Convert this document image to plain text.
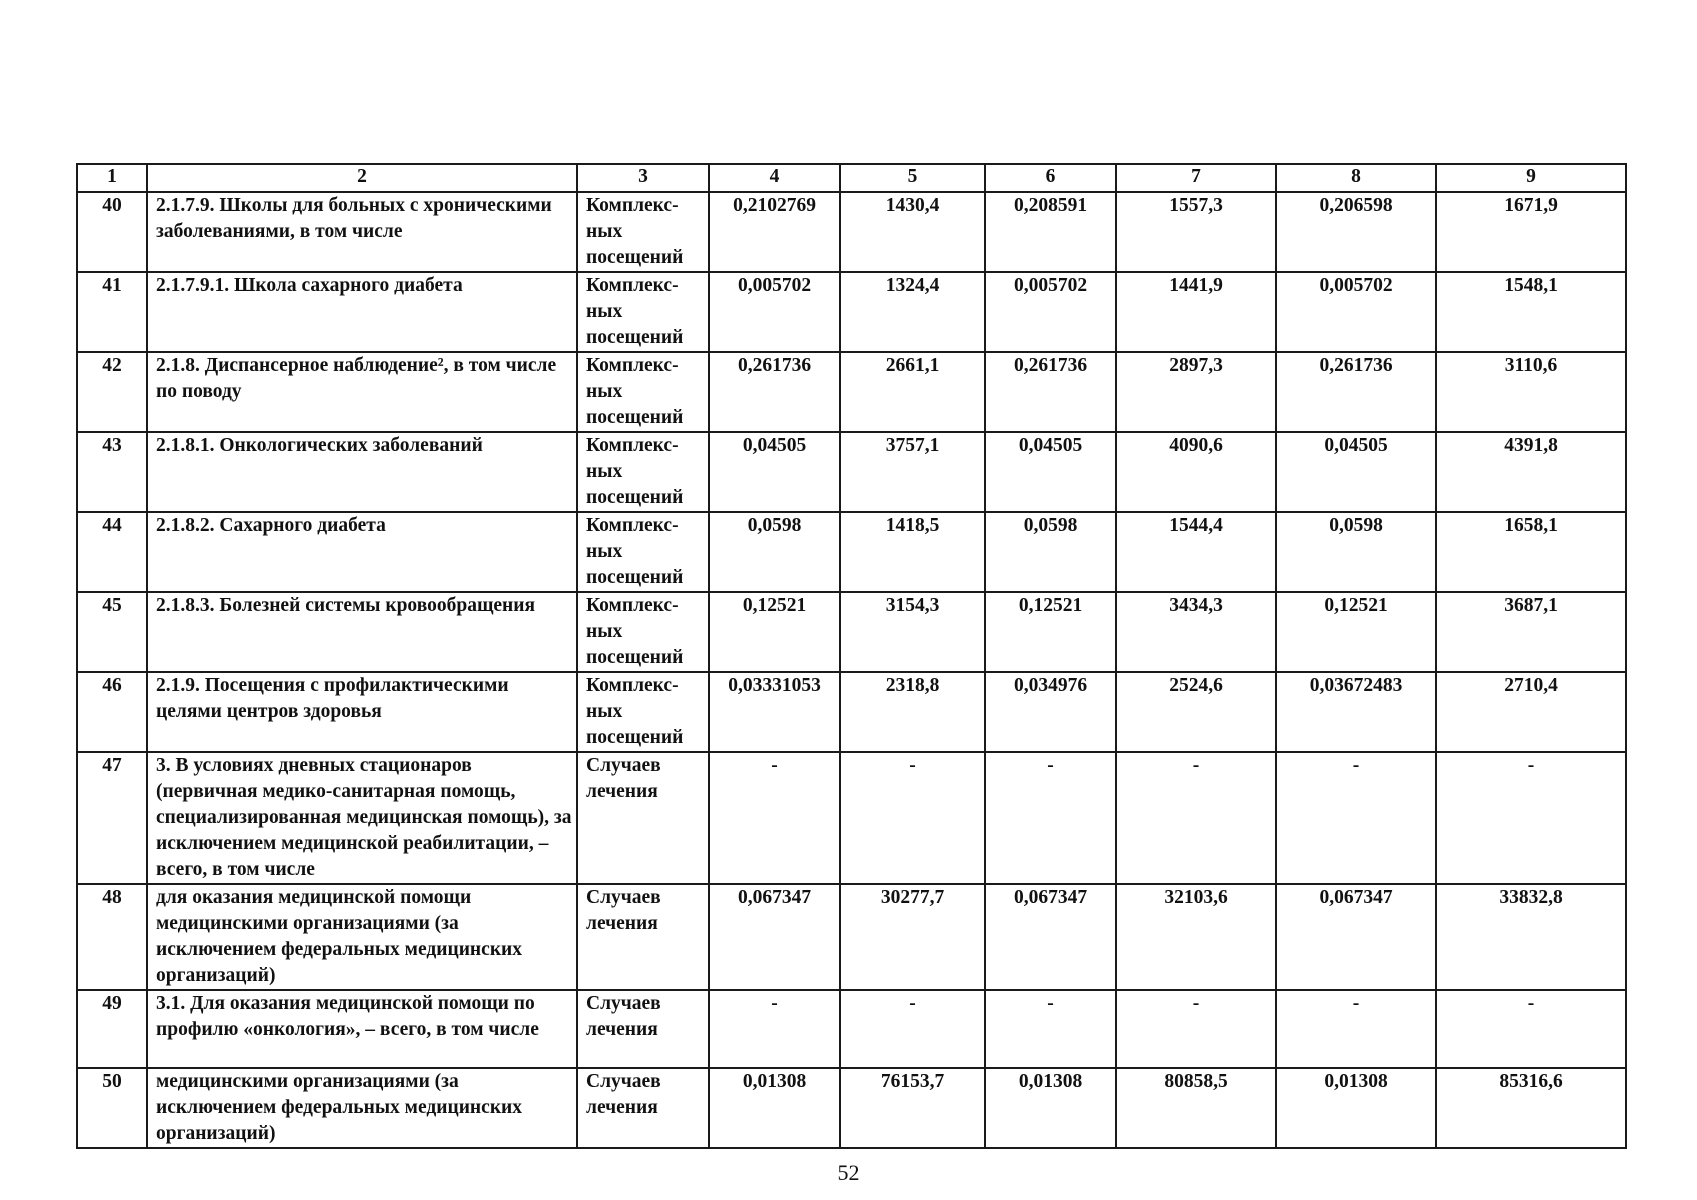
1	2	3	4	5	6	7	8	9
40	2.1.7.9. Школы для больных с хроническими заболеваниями, в том числе	Комплекс-ных посещений	0,2102769	1430,4	0,208591	1557,3	0,206598	1671,9
41	2.1.7.9.1. Школа сахарного диабета	Комплекс-ных посещений	0,005702	1324,4	0,005702	1441,9	0,005702	1548,1
42	2.1.8. Диспансерное наблюдение², в том числе по поводу	Комплекс-ных посещений	0,261736	2661,1	0,261736	2897,3	0,261736	3110,6
43	2.1.8.1. Онкологических заболеваний	Комплекс-ных посещений	0,04505	3757,1	0,04505	4090,6	0,04505	4391,8
44	2.1.8.2. Сахарного диабета	Комплекс-ных посещений	0,0598	1418,5	0,0598	1544,4	0,0598	1658,1
45	2.1.8.3. Болезней системы кровообращения	Комплекс-ных посещений	0,12521	3154,3	0,12521	3434,3	0,12521	3687,1
46	2.1.9. Посещения с профилактическими целями центров здоровья	Комплекс-ных посещений	0,03331053	2318,8	0,034976	2524,6	0,03672483	2710,4
47	3. В условиях дневных стационаров (первичная медико-санитарная помощь, специализированная медицинская помощь), за исключением медицинской реабилитации, – всего, в том числе	Случаев лечения	-	-	-	-	-	-
48	для оказания медицинской помощи медицинскими организациями (за исключением федеральных медицинских организаций)	Случаев лечения	0,067347	30277,7	0,067347	32103,6	0,067347	33832,8
49	3.1. Для оказания медицинской помощи по профилю «онкология», – всего, в том числе	Случаев лечения	-	-	-	-	-	-
50	медицинскими организациями (за исключением федеральных медицинских организаций)	Случаев лечения	0,01308	76153,7	0,01308	80858,5	0,01308	85316,6
52
